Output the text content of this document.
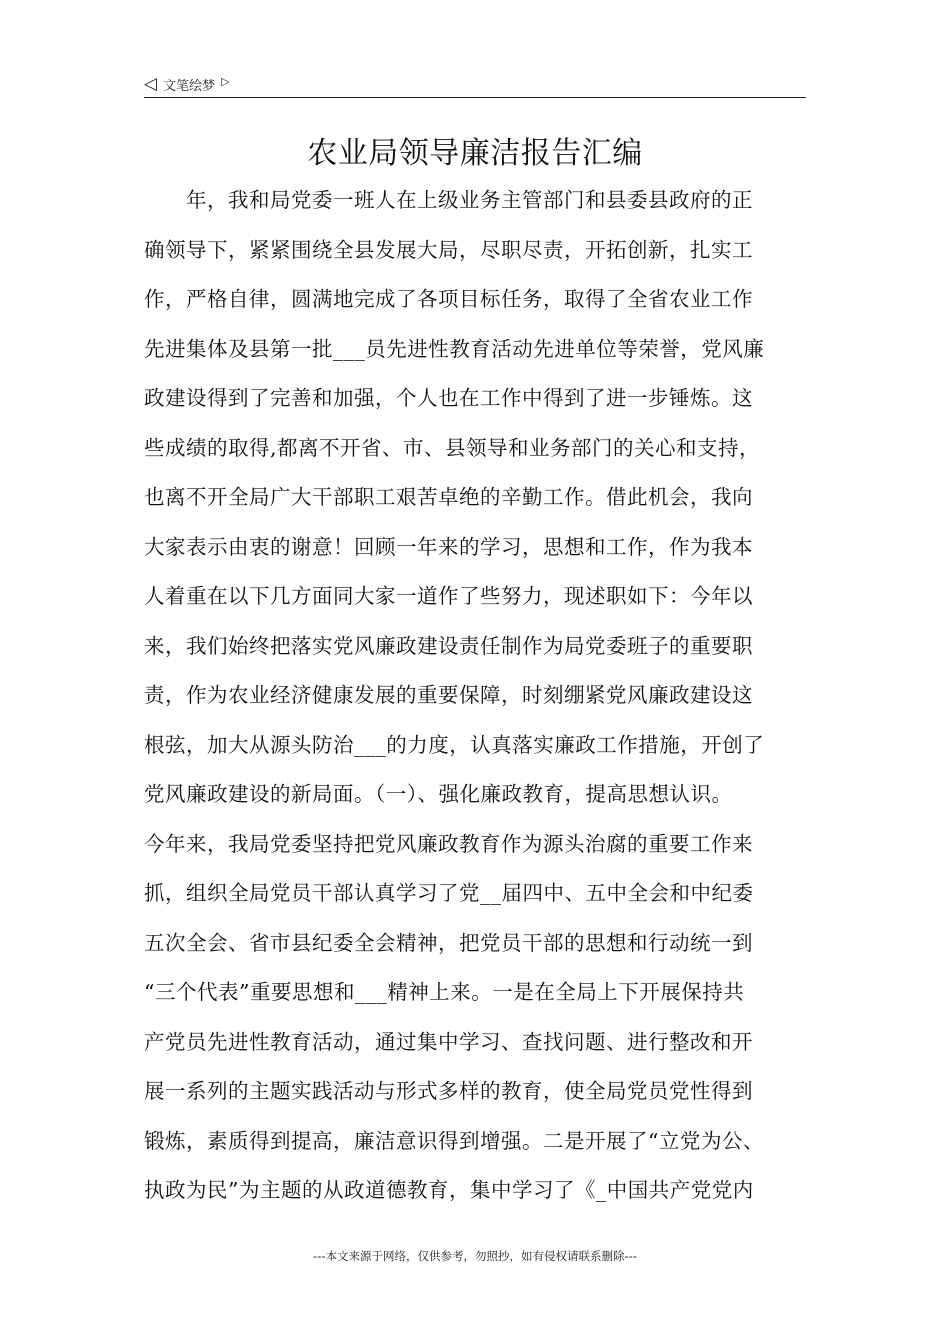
◁ 文笔绘梦 ▷
农业局领导廉洁报告汇编
年，我和局党委一班人在上级业务主管部门和县委县政府的正
确领导下，紧紧围绕全县发展大局，尽职尽责，开拓创新，扎实工
作，严格自律，圆满地完成了各项目标任务，取得了全省农业工作
先进集体及县第一批___员先进性教育活动先进单位等荣誉，党风廉
政建设得到了完善和加强，个人也在工作中得到了进一步锤炼。这
些成绩的取得,都离不开省、市、县领导和业务部门的关心和支持，
也离不开全局广大干部职工艰苦卓绝的辛勤工作。借此机会，我向
大家表示由衷的谢意！回顾一年来的学习，思想和工作，作为我本
人着重在以下几方面同大家一道作了些努力，现述职如下：今年以
来，我们始终把落实党风廉政建设责任制作为局党委班子的重要职
责，作为农业经济健康发展的重要保障，时刻绷紧党风廉政建设这
根弦，加大从源头防治___的力度，认真落实廉政工作措施，开创了
党风廉政建设的新局面。（一）、强化廉政教育，提高思想认识。
今年来，我局党委坚持把党风廉政教育作为源头治腐的重要工作来
抓，组织全局党员干部认真学习了党__届四中、五中全会和中纪委
五次全会、省市县纪委全会精神，把党员干部的思想和行动统一到
“三个代表”重要思想和___精神上来。一是在全局上下开展保持共
产党员先进性教育活动，通过集中学习、查找问题、进行整改和开
展一系列的主题实践活动与形式多样的教育，使全局党员党性得到
锻炼，素质得到提高，廉洁意识得到增强。二是开展了“立党为公、
执政为民”为主题的从政道德教育，集中学习了《_中国共产党党内
---本文来源于网络，仅供参考，勿照抄，如有侵权请联系删除---
